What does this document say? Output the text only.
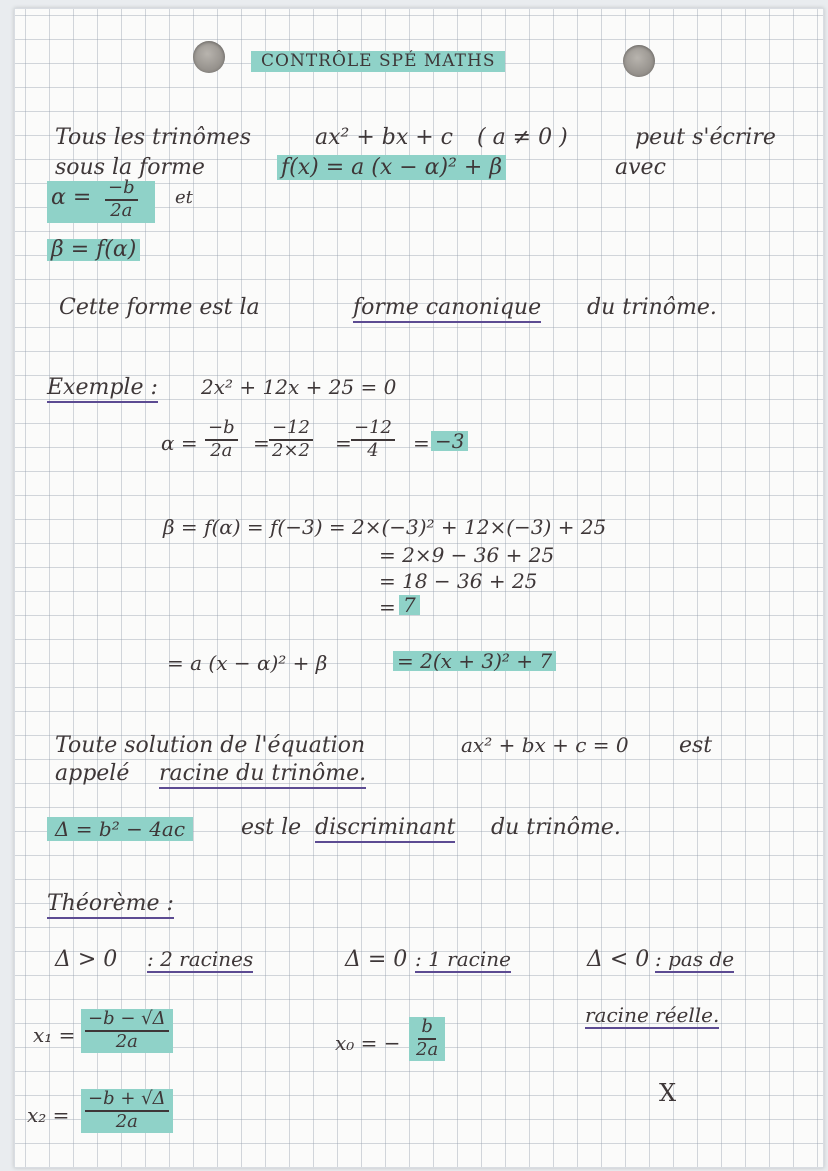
CONTRÔLE SPÉ MATHS
Tous les trinômes	ax² + bx + c ( a ≠ 0 )	peut s'écrire
sous la forme	f(x) = a (x − α)² + β	avec
$\alpha = \frac{-b}{2a}$ et
β = f(α)
Cette forme est la	forme canonique du trinôme.
Exemple : 2x² + 12x + 25 = 0
$\alpha = \frac{-b}{2a} = \frac{-12}{2\times 2} = \frac{-12}{4} = -3$
β = f(α) = f(−3) = 2×(−3)² + 12×(−3) + 25
= 2×9 − 36 + 25
= 18 − 36 + 25
= 7
= a (x − α)² + β	= 2(x + 3)² + 7
Toute solution de l'équation	ax² + bx + c = 0 est
appelé racine du trinôme.
Δ = b² − 4ac	est le discriminant du trinôme.
Théorème :
Δ > 0 : 2 racines	Δ = 0 : 1 racine	Δ < 0 : pas de
racine réelle.
$x_1 = \frac{-b - √\Delta}{2a}$	x₀ = − $\frac{b}{2a}$
X
$x_2 = \frac{-b + √\Delta}{2a}$
